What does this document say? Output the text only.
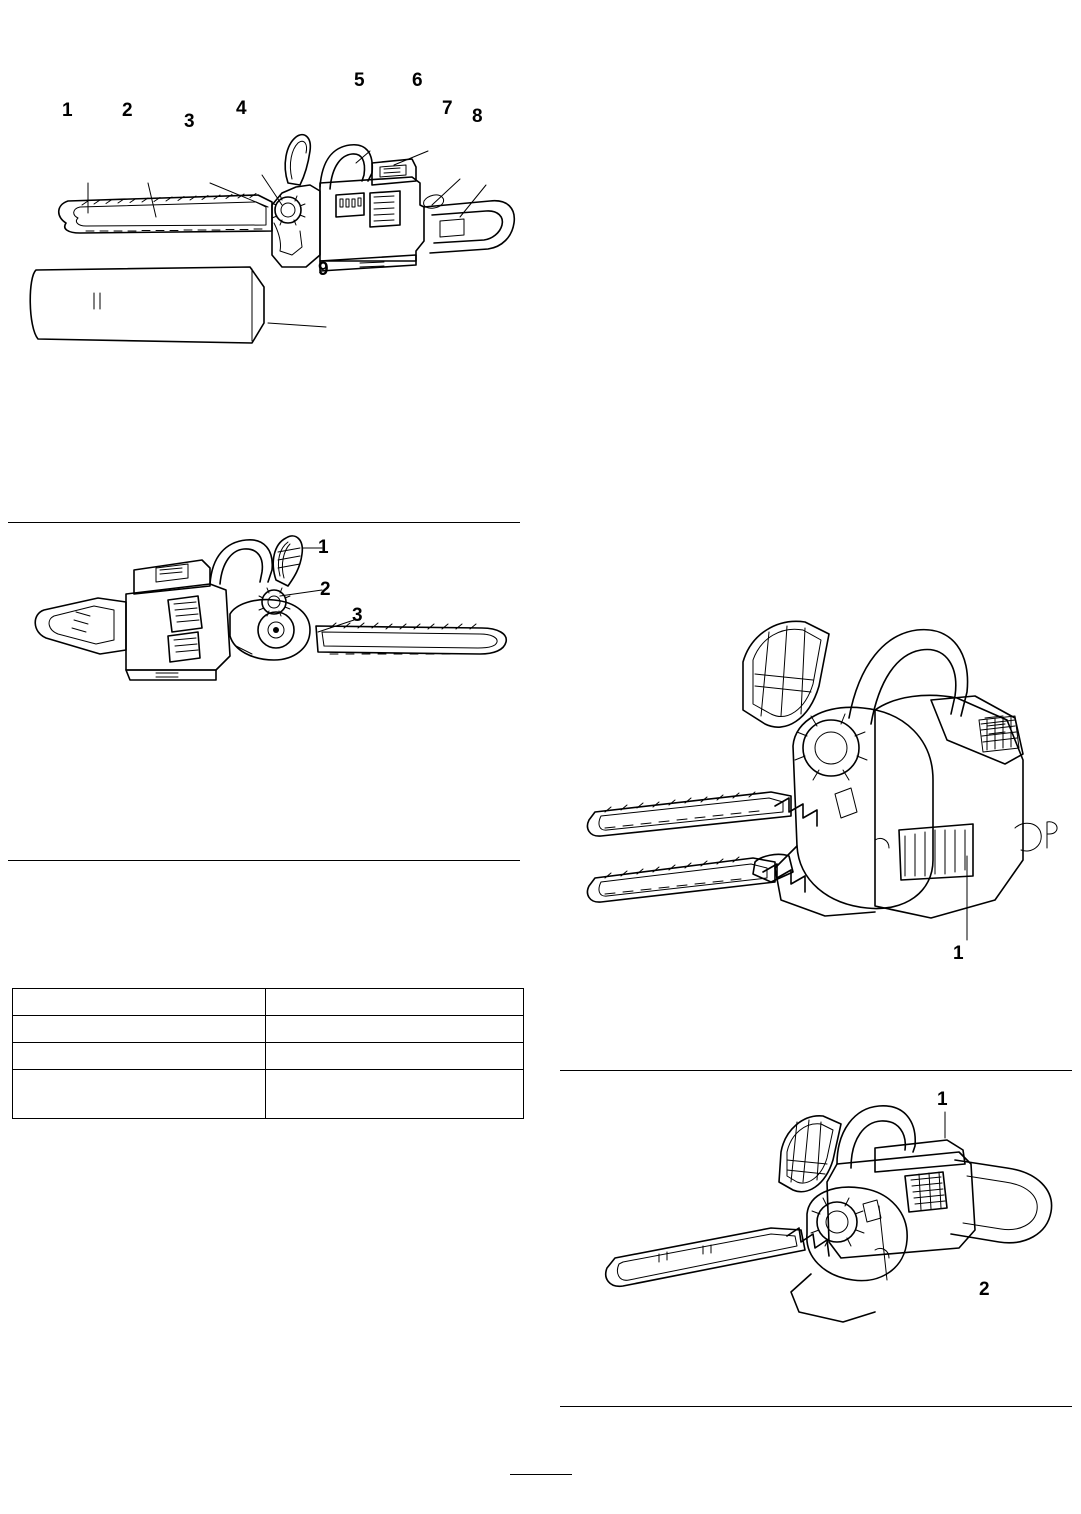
1	2
3
4
5 6
7 8
9
1
2
3

1
1
2
